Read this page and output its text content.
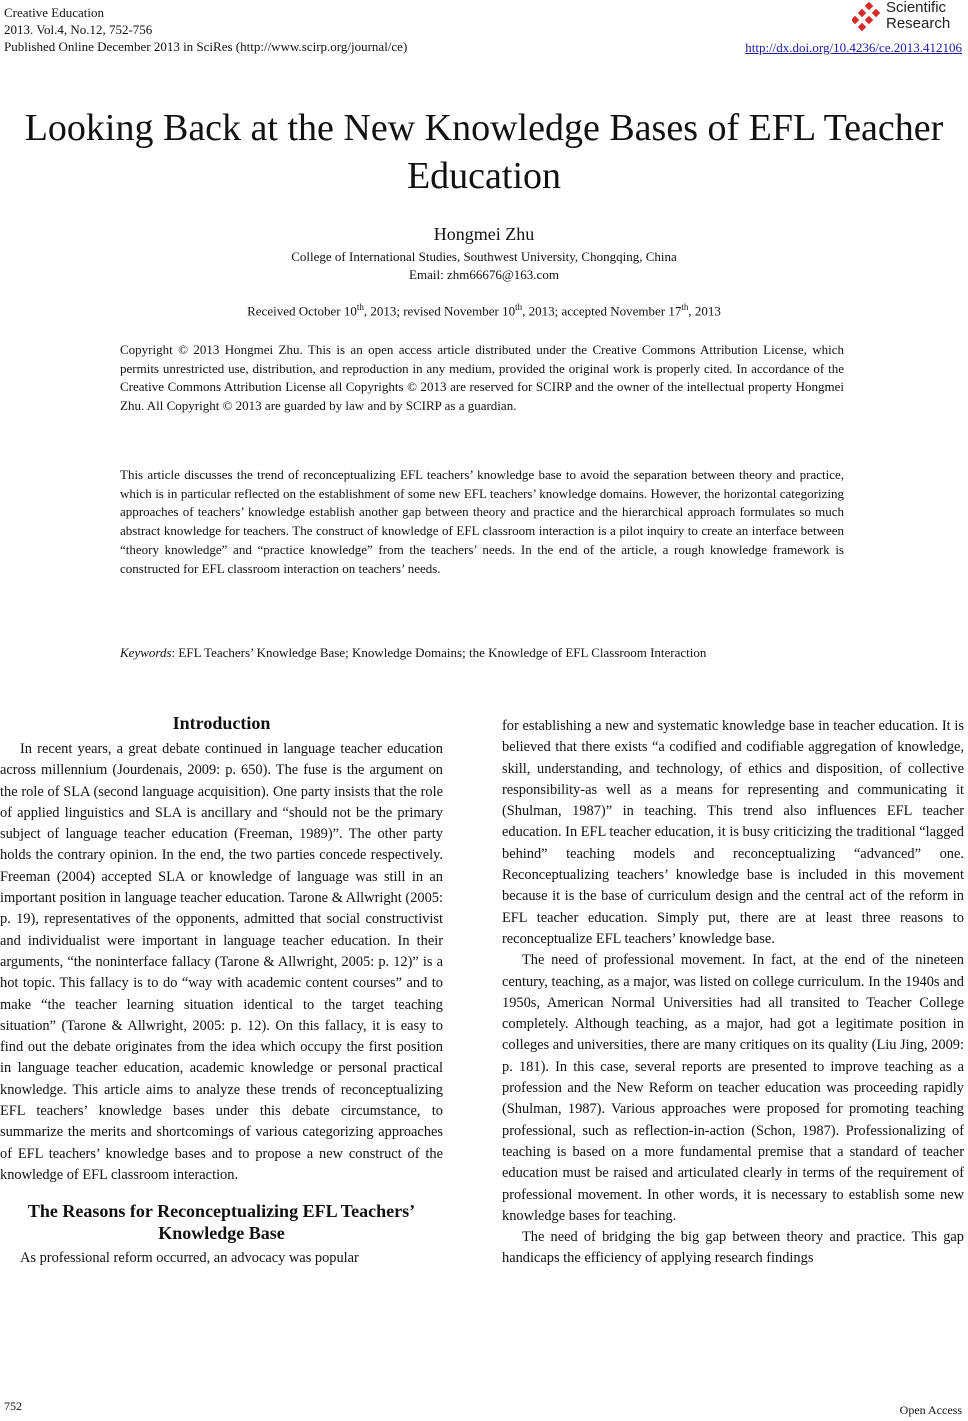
Creative Education
2013. Vol.4, No.12, 752-756
Published Online December 2013 in SciRes (http://www.scirp.org/journal/ce)
Scientific
Research
http://dx.doi.org/10.4236/ce.2013.412106
Looking Back at the New Knowledge Bases of EFL Teacher Education
Hongmei Zhu
College of International Studies, Southwest University, Chongqing, China
Email: zhm66676@163.com
Received October 10th, 2013; revised November 10th, 2013; accepted November 17th, 2013

Copyright © 2013 Hongmei Zhu. This is an open access article distributed under the Creative Commons Attribution License, which permits unrestricted use, distribution, and reproduction in any medium, provided the original work is properly cited. In accordance of the Creative Commons Attribution License all Copyrights © 2013 are reserved for SCIRP and the owner of the intellectual property Hongmei Zhu. All Copyright © 2013 are guarded by law and by SCIRP as a guardian.

This article discusses the trend of reconceptualizing EFL teachers’ knowledge base to avoid the separation between theory and practice, which is in particular reflected on the establishment of some new EFL teachers’ knowledge domains. However, the horizontal categorizing approaches of teachers’ knowledge establish another gap between theory and practice and the hierarchical approach formulates so much abstract knowledge for teachers. The construct of knowledge of EFL classroom interaction is a pilot inquiry to create an interface between “theory knowledge” and “practice knowledge” from the teachers’ needs. In the end of the article, a rough knowledge framework is constructed for EFL classroom interaction on teachers’ needs.

Keywords: EFL Teachers’ Knowledge Base; Knowledge Domains; the Knowledge of EFL Classroom Interaction
Introduction

In recent years, a great debate continued in language teacher education across millennium (Jourdenais, 2009: p. 650). The fuse is the argument on the role of SLA (second language acquisition). One party insists that the role of applied linguistics and SLA is ancillary and “should not be the primary subject of language teacher education (Freeman, 1989)”. The other party holds the contrary opinion. In the end, the two parties concede respectively. Freeman (2004) accepted SLA or knowledge of language was still in an important position in language teacher education. Tarone & Allwright (2005: p. 19), representatives of the opponents, admitted that social constructivist and individualist were important in language teacher education. In their arguments, “the noninterface fallacy (Tarone & Allwright, 2005: p. 12)” is a hot topic. This fallacy is to do “way with academic content courses” and to make “the teacher learning situation identical to the target teaching situation” (Tarone & Allwright, 2005: p. 12). On this fallacy, it is easy to find out the debate originates from the idea which occupy the first position in language teacher education, academic knowledge or personal practical knowledge. This article aims to analyze these trends of reconceptualizing EFL teachers’ knowledge bases under this debate circumstance, to summarize the merits and shortcomings of various categorizing approaches of EFL teachers’ knowledge bases and to propose a new construct of the knowledge of EFL classroom interaction.

The Reasons for Reconceptualizing EFL Teachers’ Knowledge Base

As professional reform occurred, an advocacy was popular

for establishing a new and systematic knowledge base in teacher education. It is believed that there exists “a codified and codifiable aggregation of knowledge, skill, understanding, and technology, of ethics and disposition, of collective responsibility-as well as a means for representing and communicating it (Shulman, 1987)” in teaching. This trend also influences EFL teacher education. In EFL teacher education, it is busy criticizing the traditional “lagged behind” teaching models and reconceptualizing “advanced” one. Reconceptualizing teachers’ knowledge base is included in this movement because it is the base of curriculum design and the central act of the reform in EFL teacher education. Simply put, there are at least three reasons to reconceptualize EFL teachers’ knowledge base.

The need of professional movement. In fact, at the end of the nineteen century, teaching, as a major, was listed on college curriculum. In the 1940s and 1950s, American Normal Universities had all transited to Teacher College completely. Although teaching, as a major, had got a legitimate position in colleges and universities, there are many critiques on its quality (Liu Jing, 2009: p. 181). In this case, several reports are presented to improve teaching as a profession and the New Reform on teacher education was proceeding rapidly (Shulman, 1987). Various approaches were proposed for promoting teaching professional, such as reflection-in-action (Schon, 1987). Professionalizing of teaching is based on a more fundamental premise that a standard of teacher education must be raised and articulated clearly in terms of the requirement of professional movement. In other words, it is necessary to establish some new knowledge bases for teaching.

The need of bridging the big gap between theory and practice. This gap handicaps the efficiency of applying research findings

752	Open Access
